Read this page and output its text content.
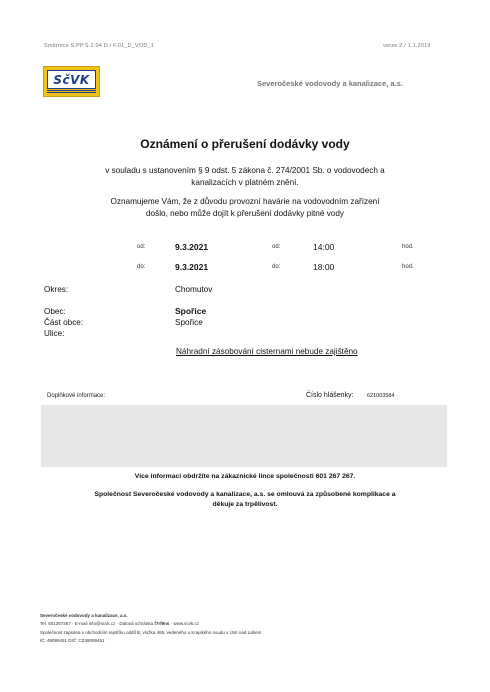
Směrnice S.PP.S.2.04 D / F.01_D_VOD_1	verze 2 / 1.1.2019
SčVK	Severočeské vodovody a kanalizace, a.s.
Oznámení o přerušení dodávky vody
v souladu s ustanovením § 9 odst. 5 zákona č. 274/2001 Sb. o vodovodech a
kanalizacích v platném znění.
Oznamujeme Vám, že z důvodu provozní havárie na vodovodním zařízení
došlo, nebo může dojít k přerušení dodávky pitné vody
od:	9.3.2021	od:	14:00	hod.
do:	9.3.2021	do:	18:00	hod.
Okres:	Chomutov
Obec:	Spořice
Část obce:	Spořice
Ulice:
Náhradní zásobování cisternami nebude zajištěno
Doplňkové informace:	Číslo hlášenky: 621003584
Více informací obdržíte na zákaznické lince společnosti 601 267 267.
Společnost Severočeské vodovody a kanalizace, a.s. se omlouvá za způsobené komplikace a
děkuje za trpělivost.
Severočeské vodovody a kanalizace, a.s.
Tel. 601267267 · E-mail info@scvk.cz · Datová schránka f7rf9ns · www.scvk.cz
Společnost zapsána v obchodním rejstříku oddíl B, vložka 465, vedeného u Krajského soudu v Ústí nad Labem
IČ: 49099451 DIČ: CZ49099451
